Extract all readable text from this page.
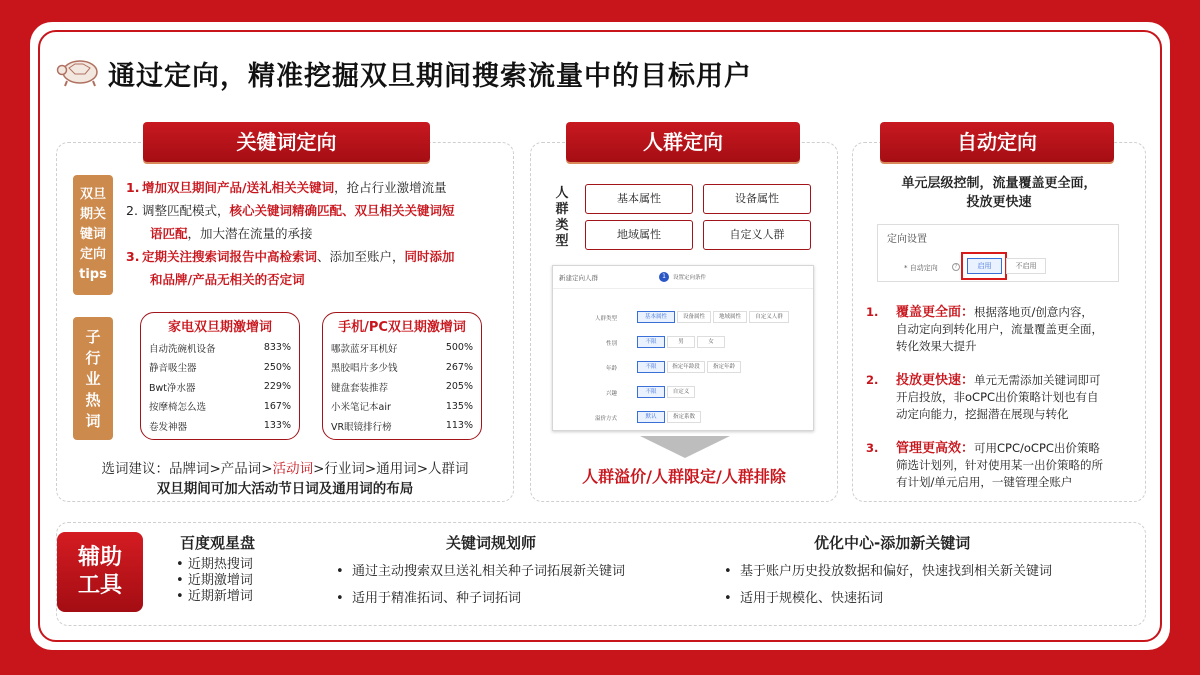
通过定向，精准挖掘双旦期间搜索流量中的目标用户
关键词定向
双旦
期关
键词
定向
tips
1. 增加双旦期间产品/送礼相关关键词，抢占行业激增流量
2. 调整匹配模式，核心关键词精确匹配、双旦相关关键词短
语匹配，加大潜在流量的承接
3. 定期关注搜索词报告中高检索词、添加至账户，同时添加
和品牌/产品无相关的否定词
子
行
业
热
词
家电双旦期激增词
自动洗碗机设备	833%
静音吸尘器	250%
Bwt净水器	229%
按摩椅怎么选	167%
卷发神器	133%
手机/PC双旦期激增词
哪款蓝牙耳机好	500%
黑胶唱片多少钱	267%
键盘套装推荐	205%
小米笔记本air	135%
VR眼镜排行榜	113%
选词建议：品牌词>产品词>活动词>行业词>通用词>人群词
双旦期间可加大活动节日词及通用词的布局
人群定向
人
群
类
型
基本属性	设备属性
地域属性	自定义人群
新建定向人群	1	设置定向条件
人群类型	基本属性	设备属性	地域属性	自定义人群
性别	不限	男	女
年龄	不限	指定年龄段	指定年龄
兴趣	不限	自定义
溢价方式	默认	指定系数
人群溢价/人群限定/人群排除
自动定向
单元层级控制，流量覆盖更全面，
投放更快速
定向设置
* 自动定向	?	启用	不启用
1. 覆盖更全面：根据落地页/创意内容，
自动定向到转化用户，流量覆盖更全面，
转化效果大提升
2. 投放更快速：单元无需添加关键词即可
开启投放，非oCPC出价策略计划也有自
动定向能力，挖掘潜在展现与转化
3. 管理更高效：可用CPC/oCPC出价策略
筛选计划列，针对使用某一出价策略的所
有计划/单元启用，一键管理全账户
辅助
工具
百度观星盘
• 近期热搜词
• 近期激增词
• 近期新增词
关键词规划师
•  通过主动搜索双旦送礼相关种子词拓展新关键词
•  适用于精准拓词、种子词拓词
优化中心-添加新关键词
•  基于账户历史投放数据和偏好，快速找到相关新关键词
•  适用于规模化、快速拓词
